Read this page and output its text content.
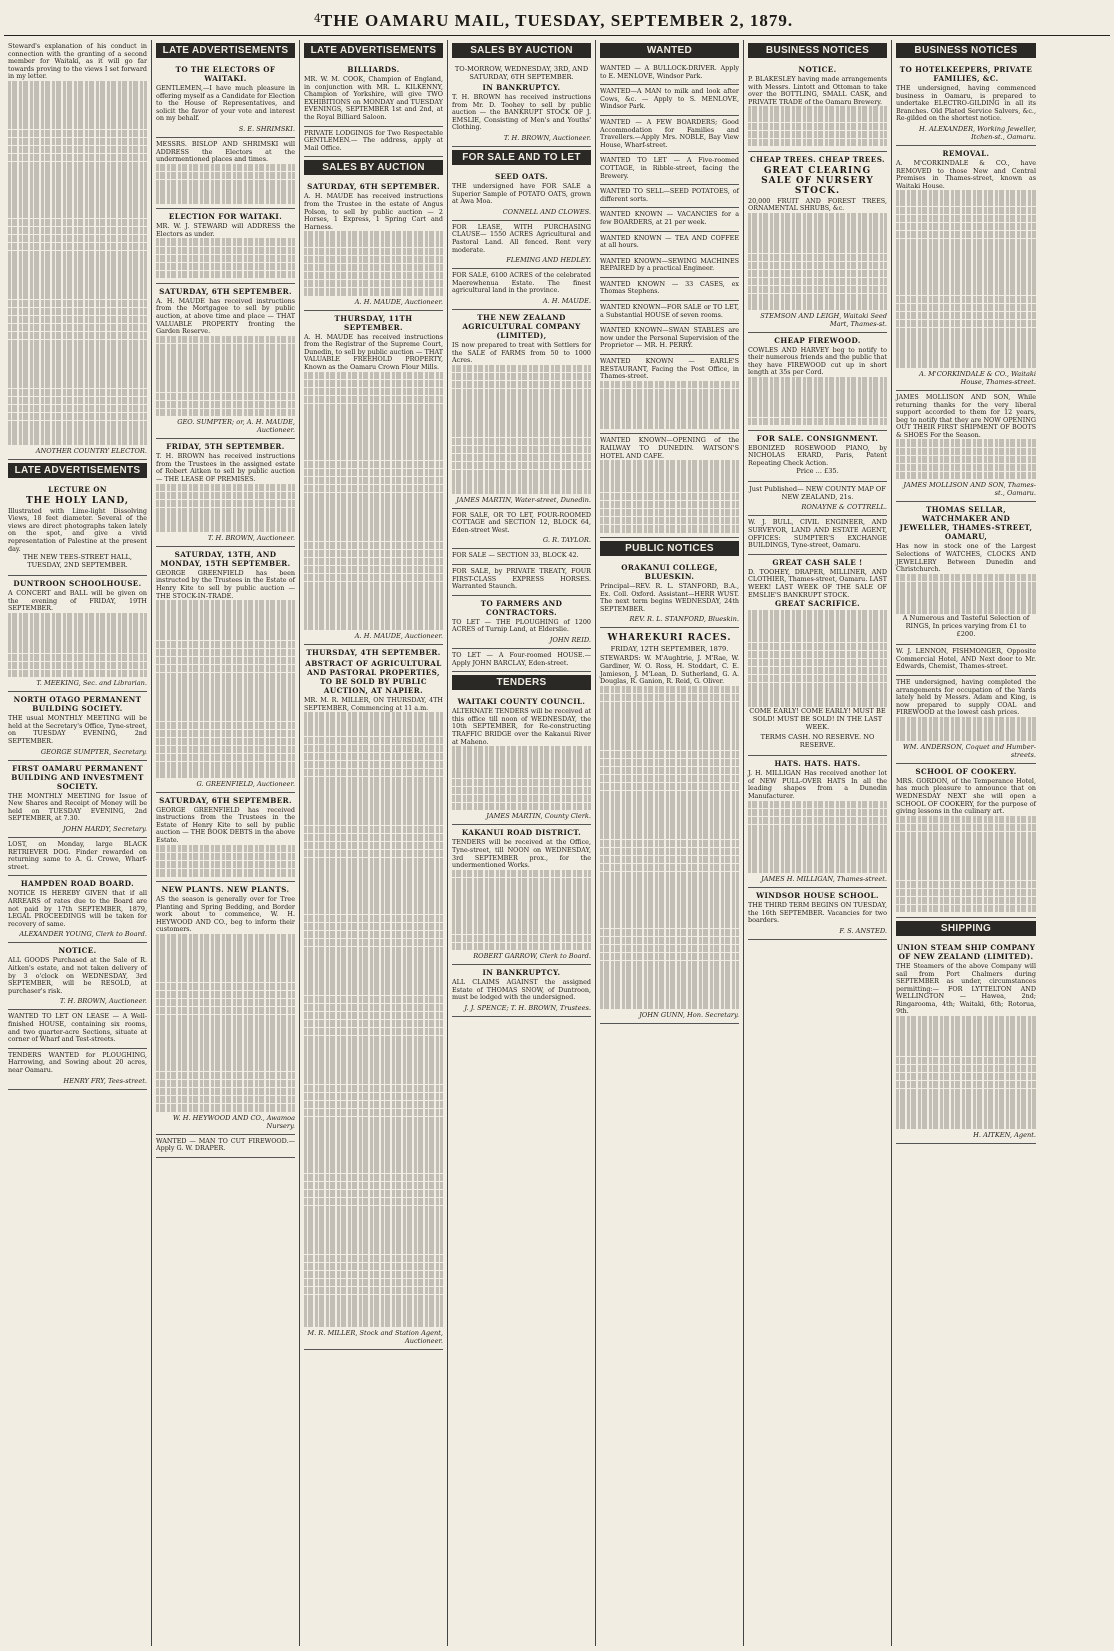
4 THE OAMARU MAIL, TUESDAY, SEPTEMBER 2, 1879.
Steward's explanation of his conduct in connection with the granting of a second member for Waitaki, as it will go far towards proving to the views I set forward in my letter.
ANOTHER COUNTRY ELECTOR.
LATE ADVERTISEMENTS
LECTURE ON
THE HOLY LAND,
Illustrated with Lime-light Dissolving Views, 18 feet diameter. Several of the views are direct photographs taken lately on the spot, and give a vivid representation of Palestine at the present day.
THE NEW TEES-STREET HALL, TUESDAY, 2ND SEPTEMBER.
DUNTROON SCHOOLHOUSE.
A CONCERT and BALL will be given on the evening of FRIDAY, 19TH SEPTEMBER.
T. MEEKING, Sec. and Librarian.
NORTH OTAGO PERMANENT BUILDING SOCIETY.
THE usual MONTHLY MEETING will be held at the Secretary's Office, Tyne-street, on TUESDAY EVENING, 2nd SEPTEMBER.
GEORGE SUMPTER, Secretary.
FIRST OAMARU PERMANENT BUILDING AND INVESTMENT SOCIETY.
THE MONTHLY MEETING for Issue of New Shares and Receipt of Money will be held on TUESDAY EVENING, 2nd SEPTEMBER, at 7.30.
JOHN HARDY, Secretary.
LOST, on Monday, large BLACK RETRIEVER DOG. Finder rewarded on returning same to A. G. Crowe, Wharf-street.
HAMPDEN ROAD BOARD.
NOTICE IS HEREBY GIVEN that if all ARREARS of rates due to the Board are not paid by 17th SEPTEMBER, 1879, LEGAL PROCEEDINGS will be taken for recovery of same.
ALEXANDER YOUNG, Clerk to Board.
NOTICE.
ALL GOODS Purchased at the Sale of R. Aitken's estate, and not taken delivery of by 3 o'clock on WEDNESDAY, 3rd SEPTEMBER, will be RESOLD, at purchaser's risk.
T. H. BROWN, Auctioneer.
WANTED TO LET ON LEASE — A Well-finished HOUSE, containing six rooms, and two quarter-acre Sections, situate at corner of Wharf and Test-streets.
TENDERS WANTED for PLOUGHING, Harrowing, and Sowing about 20 acres, near Oamaru.
HENRY FRY, Tees-street.
LATE ADVERTISEMENTS
TO THE ELECTORS OF WAITAKI.
GENTLEMEN,—I have much pleasure in offering myself as a Candidate for Election to the House of Representatives, and solicit the favor of your vote and interest on my behalf.
S. E. SHRIMSKI.
MESSRS. BISLOP AND SHRIMSKI will ADDRESS the Electors at the undermentioned places and times.
ELECTION FOR WAITAKI.
MR. W. J. STEWARD will ADDRESS the Electors as under.
SATURDAY, 6TH SEPTEMBER.
A. H. MAUDE has received instructions from the Mortgagee to sell by public auction, at above time and place — THAT VALUABLE PROPERTY fronting the Garden Reserve.
GEO. SUMPTER; or, A. H. MAUDE, Auctioneer.
FRIDAY, 5TH SEPTEMBER.
T. H. BROWN has received instructions from the Trustees in the assigned estate of Robert Aitken to sell by public auction — THE LEASE OF PREMISES.
T. H. BROWN, Auctioneer.
SATURDAY, 13TH, AND MONDAY, 15TH SEPTEMBER.
GEORGE GREENFIELD has been instructed by the Trustees in the Estate of Henry Kite to sell by public auction — THE STOCK-IN-TRADE.
G. GREENFIELD, Auctioneer.
SATURDAY, 6TH SEPTEMBER.
GEORGE GREENFIELD has received instructions from the Trustees in the Estate of Henry Kite to sell by public auction — THE BOOK DEBTS in the above Estate.
NEW PLANTS. NEW PLANTS.
AS the season is generally over for Tree Planting and Spring Bedding, and Border work about to commence, W. H. HEYWOOD AND CO., beg to inform their customers.
W. H. HEYWOOD AND CO., Awamoa Nursery.
WANTED — MAN TO CUT FIREWOOD.—Apply G. W. DRAPER.
LATE ADVERTISEMENTS
BILLIARDS.
MR. W. M. COOK, Champion of England, in conjunction with MR. L. KILKENNY, Champion of Yorkshire, will give TWO EXHIBITIONS on MONDAY and TUESDAY EVENINGS, SEPTEMBER 1st and 2nd, at the Royal Billiard Saloon.
PRIVATE LODGINGS for Two Respectable GENTLEMEN.— The address, apply at Mail Office.
SALES BY AUCTION
SATURDAY, 6TH SEPTEMBER.
A. H. MAUDE has received instructions from the Trustee in the estate of Angus Polson, to sell by public auction — 2 Horses, 1 Express, 1 Spring Cart and Harness.
A. H. MAUDE, Auctioneer.
THURSDAY, 11TH SEPTEMBER.
A. H. MAUDE has received instructions from the Registrar of the Supreme Court, Dunedin, to sell by public auction — THAT VALUABLE FREEHOLD PROPERTY, Known as the Oamaru Crown Flour Mills.
A. H. MAUDE, Auctioneer.
THURSDAY, 4TH SEPTEMBER.
ABSTRACT OF AGRICULTURAL AND PASTORAL PROPERTIES, TO BE SOLD BY PUBLIC AUCTION, AT NAPIER.
MR. M. R. MILLER, ON THURSDAY, 4TH SEPTEMBER, Commencing at 11 a.m.
M. R. MILLER, Stock and Station Agent, Auctioneer.
SALES BY AUCTION
TO-MORROW, WEDNESDAY, 3RD, AND SATURDAY, 6TH SEPTEMBER.
IN BANKRUPTCY.
T. H. BROWN has received instructions from Mr. D. Toohey to sell by public auction — the BANKRUPT STOCK OF J. EMSLIE, Consisting of Men's and Youths' Clothing.
T. H. BROWN, Auctioneer.
FOR SALE AND TO LET
SEED OATS.
THE undersigned have FOR SALE a Superior Sample of POTATO OATS, grown at Awa Moa.
CONNELL AND CLOWES.
FOR LEASE, WITH PURCHASING CLAUSE— 1550 ACRES Agricultural and Pastoral Land. All fenced. Rent very moderate.
FLEMING AND HEDLEY.
FOR SALE, 6100 ACRES of the celebrated Maerewhenua Estate. The finest agricultural land in the province.
A. H. MAUDE.
THE NEW ZEALAND AGRICULTURAL COMPANY (LIMITED),
IS now prepared to treat with Settlers for the SALE of FARMS from 50 to 1000 Acres.
JAMES MARTIN, Water-street, Dunedin.
FOR SALE, OR TO LET, FOUR-ROOMED COTTAGE and SECTION 12, BLOCK 64, Eden-street West.
G. R. TAYLOR.
FOR SALE — SECTION 33, BLOCK 42.
FOR SALE, by PRIVATE TREATY, FOUR FIRST-CLASS EXPRESS HORSES. Warranted Staunch.
TO FARMERS AND CONTRACTORS.
TO LET — THE PLOUGHING of 1200 ACRES of Turnip Land, at Elderslie.
JOHN REID.
TO LET — A Four-roomed HOUSE.— Apply JOHN BARCLAY, Eden-street.
TENDERS
WAITAKI COUNTY COUNCIL.
ALTERNATE TENDERS will be received at this office till noon of WEDNESDAY, the 10th SEPTEMBER, for Re-constructing TRAFFIC BRIDGE over the Kakanui River at Maheno.
JAMES MARTIN, County Clerk.
KAKANUI ROAD DISTRICT.
TENDERS will be received at the Office, Tyne-street, till NOON on WEDNESDAY, 3rd SEPTEMBER prox., for the undermentioned Works.
ROBERT GARROW, Clerk to Board.
IN BANKRUPTCY.
ALL CLAIMS AGAINST the assigned Estate of THOMAS SNOW, of Duntroon, must be lodged with the undersigned.
J. J. SPENCE; T. H. BROWN, Trustees.
WANTED
WANTED — A BULLOCK-DRIVER. Apply to E. MENLOVE, Windsor Park.
WANTED—A MAN to milk and look after Cows, &c. — Apply to S. MENLOVE, Windsor Park.
WANTED — A FEW BOARDERS; Good Accommodation for Families and Travellers.—Apply Mrs. NOBLE, Bay View House, Wharf-street.
WANTED TO LET — A Five-roomed COTTAGE, in Ribble-street, facing the Brewery.
WANTED TO SELL—SEED POTATOES, of different sorts.
WANTED KNOWN — VACANCIES for a few BOARDERS, at 21 per week.
WANTED KNOWN — TEA AND COFFEE at all hours.
WANTED KNOWN—SEWING MACHINES REPAIRED by a practical Engineer.
WANTED KNOWN — 33 CASES, ex Thomas Stephens.
WANTED KNOWN—FOR SALE or TO LET, a Substantial HOUSE of seven rooms.
WANTED KNOWN—SWAN STABLES are now under the Personal Supervision of the Proprietor — MR. H. PERRY.
WANTED KNOWN — EARLE'S RESTAURANT, Facing the Post Office, in Thames-street.
WANTED KNOWN—OPENING of the RAILWAY TO DUNEDIN. WATSON'S HOTEL AND CAFE.
PUBLIC NOTICES
ORAKANUI COLLEGE, BLUESKIN.
Principal—REV. R. L. STANFORD, B.A., Ex. Coll. Oxford. Assistant—HERR WUST. The next term begins WEDNESDAY, 24th SEPTEMBER.
REV. R. L. STANFORD, Blueskin.
WHAREKURI RACES.
FRIDAY, 12TH SEPTEMBER, 1879.
STEWARDS: W. M'Aughtrie, J. M'Rae, W. Gardiner, W. O. Ross, H. Stoddart, C. E. Jamieson, J. M'Lean, D. Sutherland, G. A. Douglas, R. Ganion, R. Reid, G. Oliver.
JOHN GUNN, Hon. Secretary.
BUSINESS NOTICES
NOTICE.
P. BLAKESLEY having made arrangements with Messrs. Lintott and Ottoman to take over the BOTTLING, SMALL CASK, and PRIVATE TRADE of the Oamaru Brewery.
CHEAP TREES. CHEAP TREES.
GREAT CLEARING SALE OF NURSERY STOCK.
20,000 FRUIT AND FOREST TREES, ORNAMENTAL SHRUBS, &c.
STEMSON AND LEIGH, Waitaki Seed Mart, Thames-st.
CHEAP FIREWOOD.
COWLES AND HARVEY beg to notify to their numerous friends and the public that they have FIREWOOD cut up in short length at 35s per Cord.
FOR SALE. CONSIGNMENT.
EBONIZED ROSEWOOD PIANO, by NICHOLAS ERARD, Paris, Patent Repeating Check Action.
Price ... £35.
Just Published— NEW COUNTY MAP OF NEW ZEALAND, 21s.
RONAYNE & COTTRELL.
W. J. BULL, CIVIL ENGINEER, AND SURVEYOR, LAND AND ESTATE AGENT, OFFICES: SUMPTER'S EXCHANGE BUILDINGS, Tyne-street, Oamaru.
GREAT CASH SALE !
D. TOOHEY, DRAPER, MILLINER, AND CLOTHIER, Thames-street, Oamaru. LAST WEEK! LAST WEEK OF THE SALE OF EMSLIE'S BANKRUPT STOCK.
GREAT SACRIFICE.
COME EARLY! COME EARLY! MUST BE SOLD! MUST BE SOLD! IN THE LAST WEEK.
TERMS CASH. NO RESERVE. NO RESERVE.
HATS. HATS. HATS.
J. H. MILLIGAN Has received another lot of NEW PULL-OVER HATS In all the leading shapes from a Dunedin Manufacturer.
JAMES H. MILLIGAN, Thames-street.
WINDSOR HOUSE SCHOOL.
THE THIRD TERM BEGINS ON TUESDAY, the 16th SEPTEMBER. Vacancies for two boarders.
F. S. ANSTED.
BUSINESS NOTICES
TO HOTELKEEPERS, PRIVATE FAMILIES, &C.
THE undersigned, having commenced business in Oamaru, is prepared to undertake ELECTRO-GILDING in all its Branches. Old Plated Service Salvers, &c., Re-gilded on the shortest notice.
H. ALEXANDER, Working Jeweller, Itchen-st., Oamaru.
REMOVAL.
A. M'CORKINDALE & CO., have REMOVED to those New and Central Premises in Thames-street, known as Waitaki House.
A. M'CORKINDALE & CO., Waitaki House, Thames-street.
JAMES MOLLISON AND SON, While returning thanks for the very liberal support accorded to them for 12 years, beg to notify that they are NOW OPENING OUT THEIR FIRST SHIPMENT OF BOOTS & SHOES For the Season.
JAMES MOLLISON AND SON, Thames-st., Oamaru.
THOMAS SELLAR, WATCHMAKER AND JEWELLER, THAMES-STREET, OAMARU,
Has now in stock one of the Largest Selections of WATCHES, CLOCKS AND JEWELLERY Between Dunedin and Christchurch.
A Numerous and Tasteful Selection of RINGS, In prices varying from £1 to £200.
W. J. LENNON, FISHMONGER, Opposite Commercial Hotel, AND Next door to Mr. Edwards, Chemist, Thames-street.
THE undersigned, having completed the arrangements for occupation of the Yards lately held by Messrs. Adam and King, is now prepared to supply COAL and FIREWOOD at the lowest cash prices.
WM. ANDERSON, Coquet and Humber-streets.
SCHOOL OF COOKERY.
MRS. GORDON, of the Temperance Hotel, has much pleasure to announce that on WEDNESDAY NEXT she will open a SCHOOL OF COOKERY, for the purpose of giving lessons in the culinary art.
SHIPPING
UNION STEAM SHIP COMPANY OF NEW ZEALAND (LIMITED).
THE Steamers of the above Company will sail from Port Chalmers during SEPTEMBER as under, circumstances permitting:— FOR LYTTELTON AND WELLINGTON — Hawea, 2nd; Ringarooma, 4th; Waitaki, 6th; Rotorua, 9th.
H. AITKEN, Agent.
